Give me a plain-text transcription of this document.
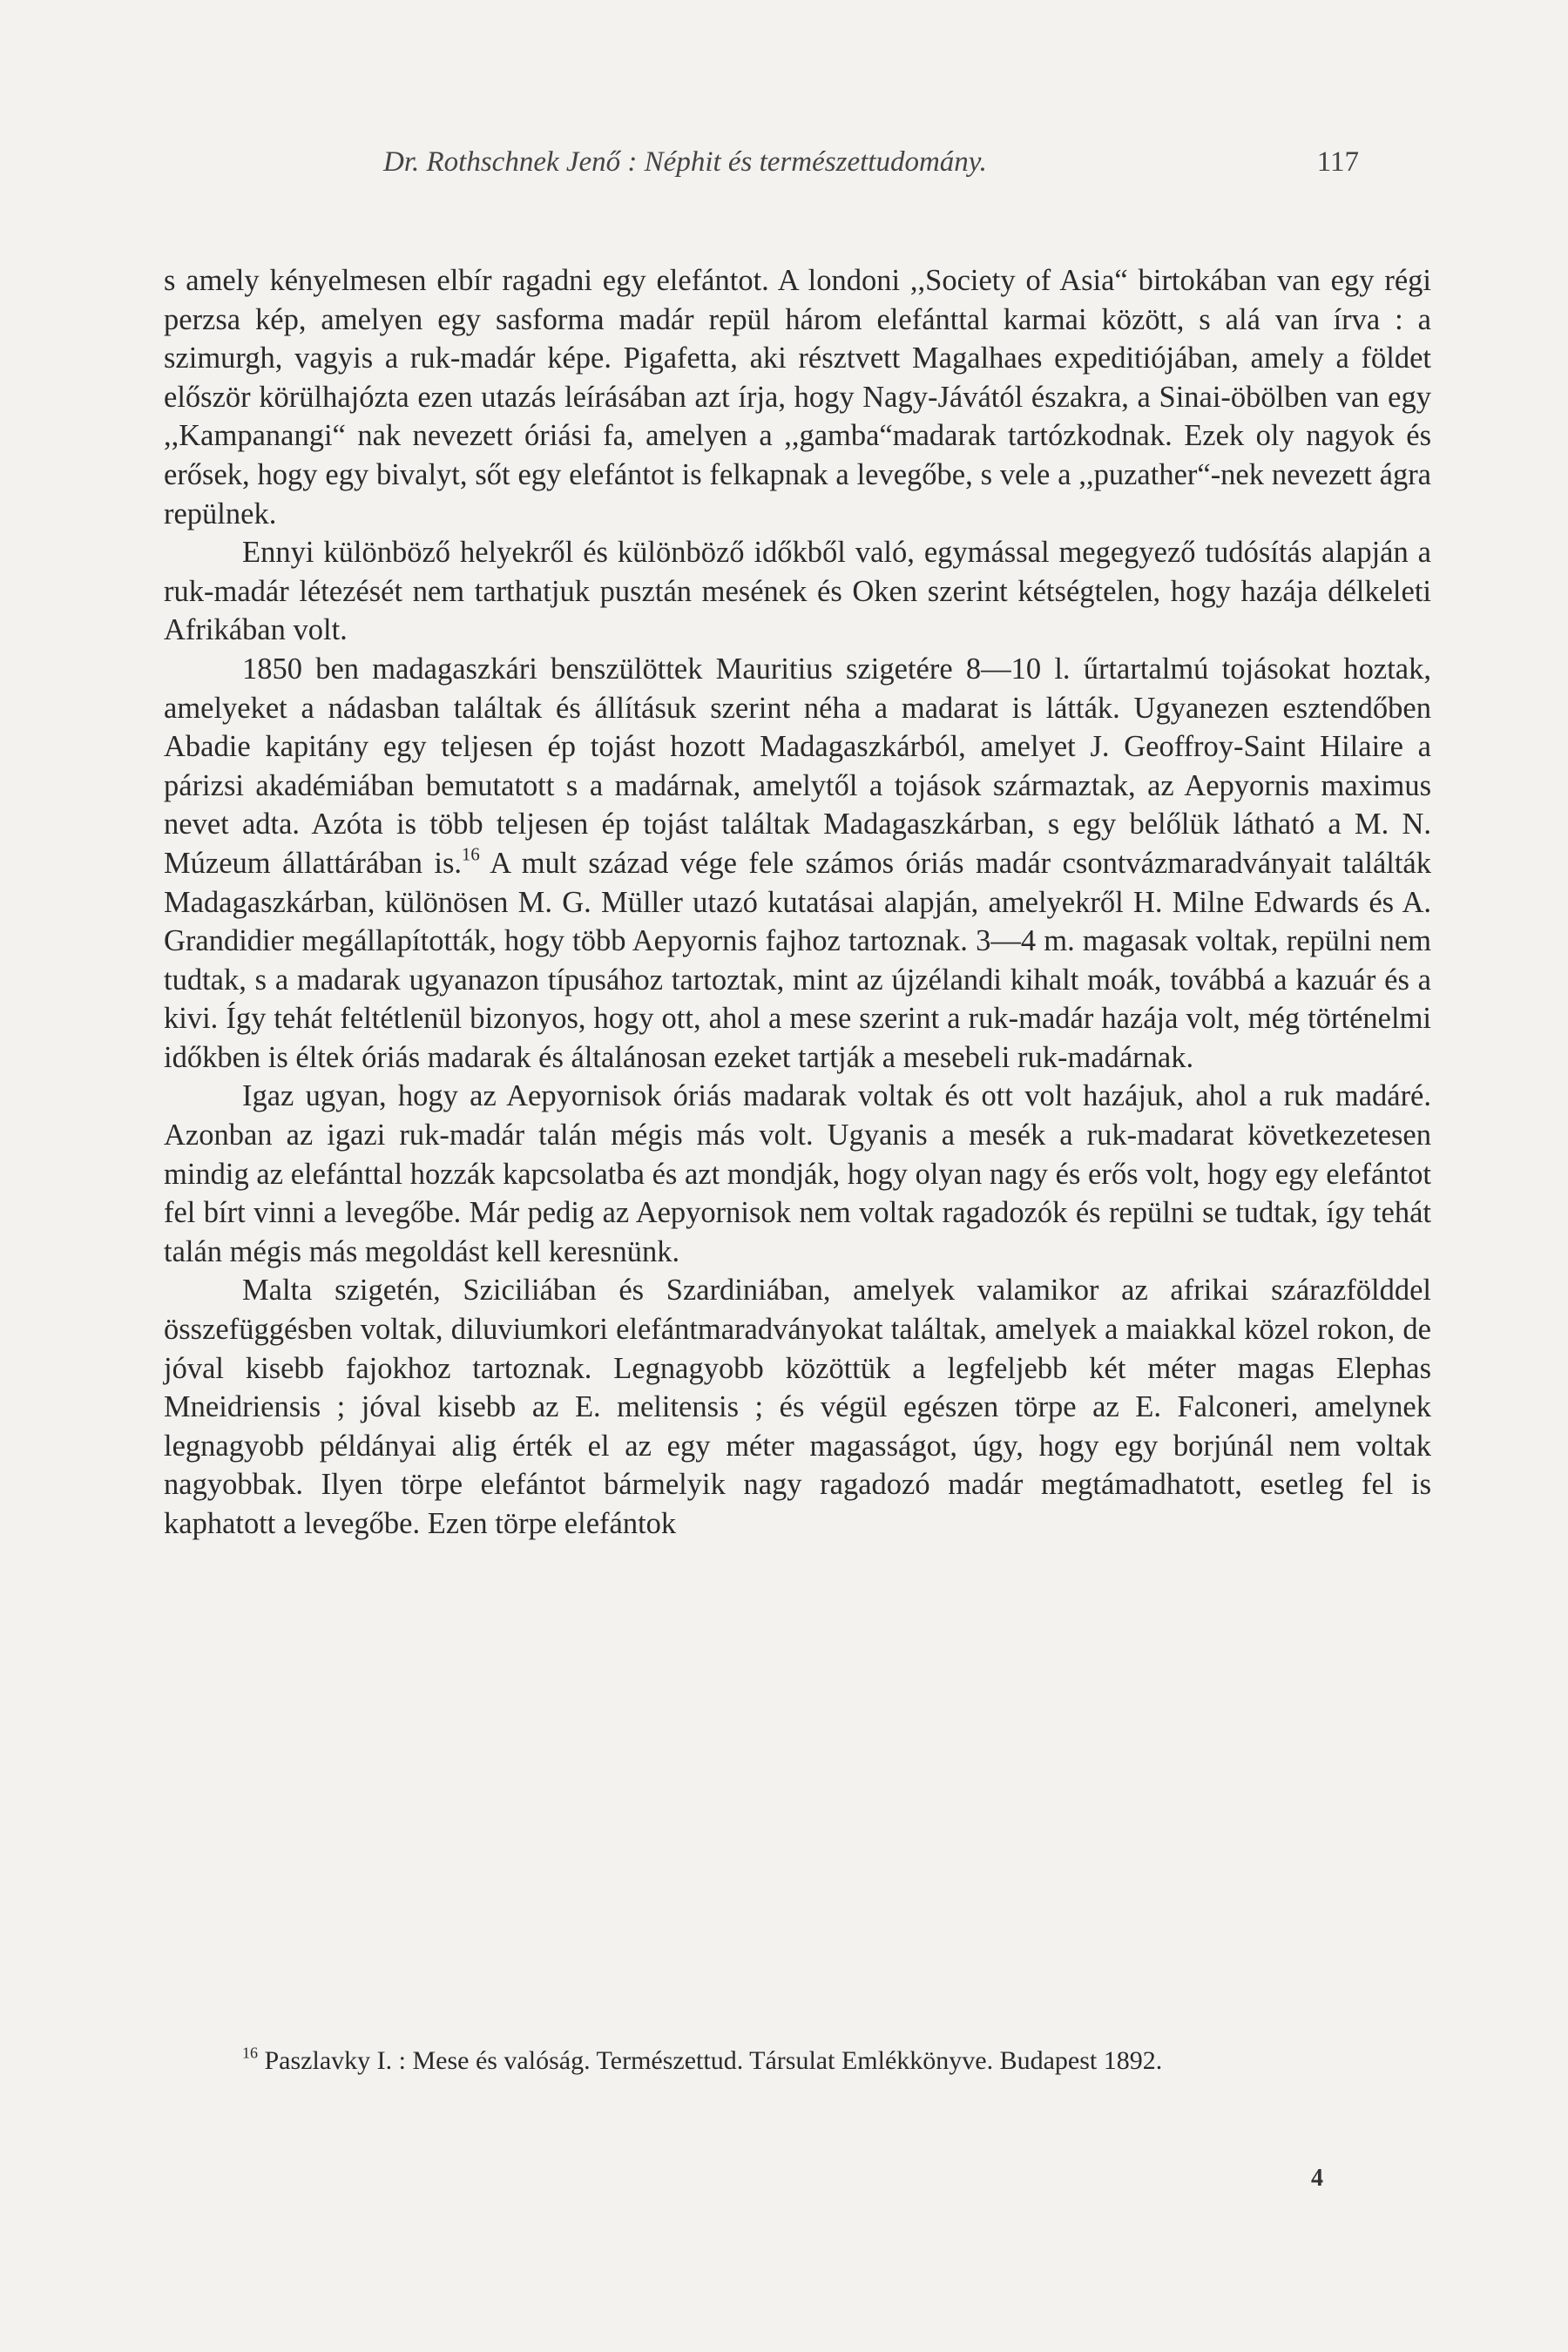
Dr. Rothschnek Jenő : Néphit és természettudomány.	117

s amely kényelmesen elbír ragadni egy elefántot. A londoni ,,Society of Asia“ birtokában van egy régi perzsa kép, amelyen egy sasforma madár repül három elefánttal karmai között, s alá van írva : a szimurgh, vagyis a ruk-madár képe. Pigafetta, aki résztvett Magalhaes expeditiójában, amely a földet először körülhajózta ezen utazás leírásában azt írja, hogy Nagy-Jávától északra, a Sinai-öbölben van egy ,,Kampanangi“ nak nevezett óriási fa, amelyen a ,,gamba“madarak tartózkodnak. Ezek oly nagyok és erősek, hogy egy bivalyt, sőt egy elefántot is felkapnak a levegőbe, s vele a ,,puzather“-nek nevezett ágra repülnek.

Ennyi különböző helyekről és különböző időkből való, egymással megegyező tudósítás alapján a ruk-madár létezését nem tarthatjuk pusztán mesének és Oken szerint kétségtelen, hogy hazája délkeleti Afrikában volt.

1850 ben madagaszkári benszülöttek Mauritius szigetére 8—10 l. űrtartalmú tojásokat hoztak, amelyeket a nádasban találtak és állításuk szerint néha a madarat is látták. Ugyanezen esztendőben Abadie kapitány egy teljesen ép tojást hozott Madagaszkárból, amelyet J. Geoffroy-Saint Hilaire a párizsi akadémiában bemutatott s a madárnak, amelytől a tojások származtak, az Aepyornis maximus nevet adta. Azóta is több teljesen ép tojást találtak Madagaszkárban, s egy belőlük látható a M. N. Múzeum állattárában is.$^{16}$ A mult század vége fele számos óriás madár csontvázmaradványait találták Madagaszkárban, különösen M. G. Müller utazó kutatásai alapján, amelyekről H. Milne Edwards és A. Grandidier megállapították, hogy több Aepyornis fajhoz tartoznak. 3—4 m. magasak voltak, repülni nem tudtak, s a madarak ugyanazon típusához tartoztak, mint az újzélandi kihalt moák, továbbá a kazuár és a kivi. Így tehát feltétlenül bizonyos, hogy ott, ahol a mese szerint a ruk-madár hazája volt, még történelmi időkben is éltek óriás madarak és általánosan ezeket tartják a mesebeli ruk-madárnak.

Igaz ugyan, hogy az Aepyornisok óriás madarak voltak és ott volt hazájuk, ahol a ruk madáré. Azonban az igazi ruk-madár talán mégis más volt. Ugyanis a mesék a ruk-madarat következetesen mindig az elefánttal hozzák kapcsolatba és azt mondják, hogy olyan nagy és erős volt, hogy egy elefántot fel bírt vinni a levegőbe. Már pedig az Aepyornisok nem voltak ragadozók és repülni se tudtak, így tehát talán mégis más megoldást kell keresnünk.

Malta szigetén, Sziciliában és Szardiniában, amelyek valamikor az afrikai szárazfölddel összefüggésben voltak, diluviumkori elefántmaradványokat találtak, amelyek a maiakkal közel rokon, de jóval kisebb fajokhoz tartoznak. Legnagyobb közöttük a legfeljebb két méter magas Elephas Mneidriensis ; jóval kisebb az E. melitensis ; és végül egészen törpe az E. Falconeri, amelynek legnagyobb példányai alig érték el az egy méter magasságot, úgy, hogy egy borjúnál nem voltak nagyobbak. Ilyen törpe elefántot bármelyik nagy ragadozó madár megtámadhatott, esetleg fel is kaphatott a levegőbe. Ezen törpe elefántok

$^{16}$ Paszlavky I. : Mese és valóság. Természettud. Társulat Emlékkönyve. Budapest 1892.

4
